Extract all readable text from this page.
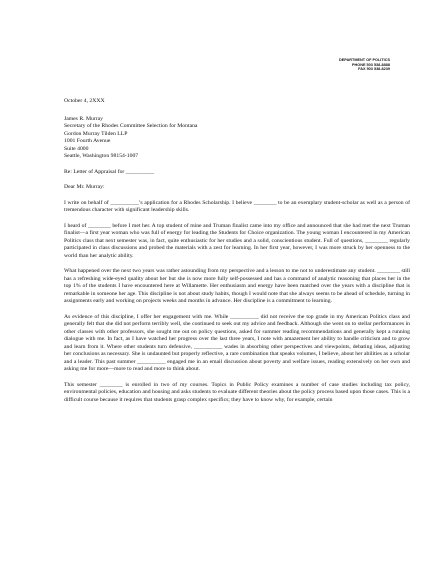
DEPARTMENT OF POLITICS
PHONE 503 538-8888
FAX 503 538-8239
October 4, 2XXX
James R. Murray
Secretary of the Rhodes Committee Selection for Montana
Gordon Murray Tilden LLP
1001 Fourth Avenue
Suite 4000
Seattle, Washington 98154-1007
Re: Letter of Appraisal for __________
Dear Mr. Murray:

I write on behalf of __________’s application for a Rhodes Scholarship. I believe ________ to be an exemplary student-scholar as well as a person of tremendous character with significant leadership skills.

I heard of ________ before I met her. A top student of mine and Truman finalist came into my office and announced that she had met the next Truman finalist—a first year woman who was full of energy for leading the Students for Choice organization. The young woman I encountered in my American Politics class that next semester was, in fact, quite enthusiastic for her studies and a solid, conscientious student. Full of questions, ________ regularly participated in class discussions and probed the materials with a zest for learning. In her first year, however, I was more struck by her openness to the world than her analytic ability.

What happened over the next two years was rather astounding from my perspective and a lesson to me not to underestimate any student. ________ still has a refreshing wide-eyed quality about her but she is now more fully self-possessed and has a command of analytic reasoning that places her in the top 1% of the students I have encountered here at Willamette. Her enthusiasm and energy have been matched over the years with a discipline that is remarkable in someone her age. This discipline is not about study habits, though I would note that she always seems to be ahead of schedule, turning in assignments early and working on projects weeks and months in advance. Her discipline is a commitment to learning.

As evidence of this discipline, I offer her engagement with me. While __________ did not receive the top grade in my American Politics class and generally felt that she did not perform terribly well, she continued to seek out my advice and feedback. Although she went on to stellar performances in other classes with other professors, she sought me out on policy questions, asked for summer reading recommendations and generally kept a running dialogue with me. In fact, as I have watched her progress over the last three years, I note with amazement her ability to handle criticism and to grow and learn from it. Where other students turn defensive, __________ wades in absorbing other perspectives and viewpoints, debating ideas, adjusting her conclusions as necessary. She is undaunted but properly reflective, a rare combination that speaks volumes, I believe, about her abilities as a scholar and a leader. This past summer __________ engaged me in an email discussion about poverty and welfare issues, reading extensively on her own and asking me for more—more to read and more to think about.

This semester ________ is enrolled in two of my courses. Topics in Public Policy examines a number of case studies including tax policy, environmental policies, education and housing and asks students to evaluate different theories about the policy process based upon those cases. This is a difficult course because it requires that students grasp complex specifics; they have to know why, for example, certain
